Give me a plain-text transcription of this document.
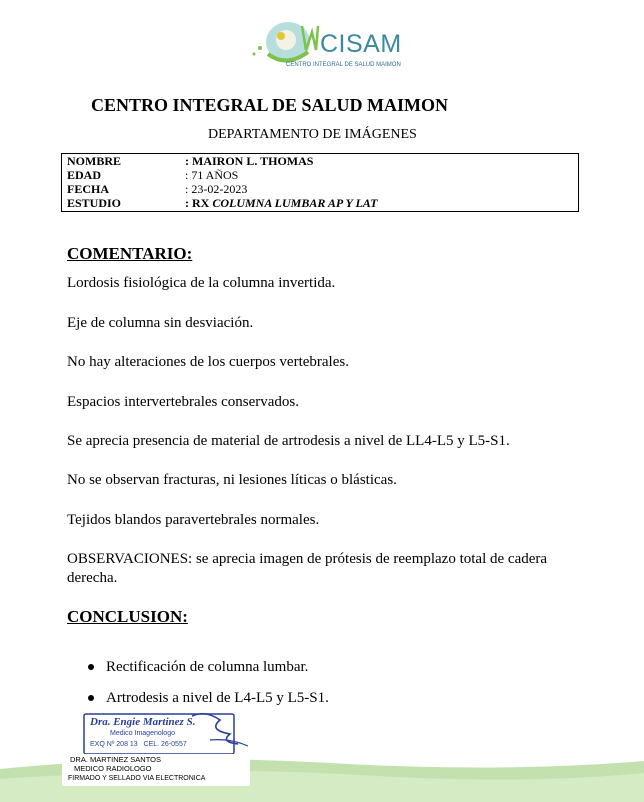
CISAM
CENTRO INTEGRAL DE SALUD MAIMON
CENTRO INTEGRAL DE SALUD MAIMON
DEPARTAMENTO DE IMÁGENES
NOMBRE	: MAIRON L. THOMAS
EDAD	: 71 AÑOS
FECHA	: 23-02-2023
ESTUDIO	: RX COLUMNA LUMBAR AP Y LAT
COMENTARIO:
Lordosis fisiológica de la columna invertida.
Eje de columna sin desviación.
No hay alteraciones de los cuerpos vertebrales.
Espacios intervertebrales conservados.
Se aprecia presencia de material de artrodesis a nivel de LL4-L5 y L5-S1.
No se observan fracturas, ni lesiones líticas o blásticas.
Tejidos blandos paravertebrales normales.
OBSERVACIONES: se aprecia imagen de prótesis de reemplazo total de cadera derecha.
CONCLUSION:
Rectificación de columna lumbar.
Artrodesis a nivel de L4-L5 y L5-S1.
Dra. Engie Martinez S.
Medico Imagenologo
EXQ Nº 208 13   CEL. 26-0557
DRA. MARTINEZ SANTOS
MEDICO RADIOLOGO
FIRMADO Y SELLADO VIA ELECTRONICA
